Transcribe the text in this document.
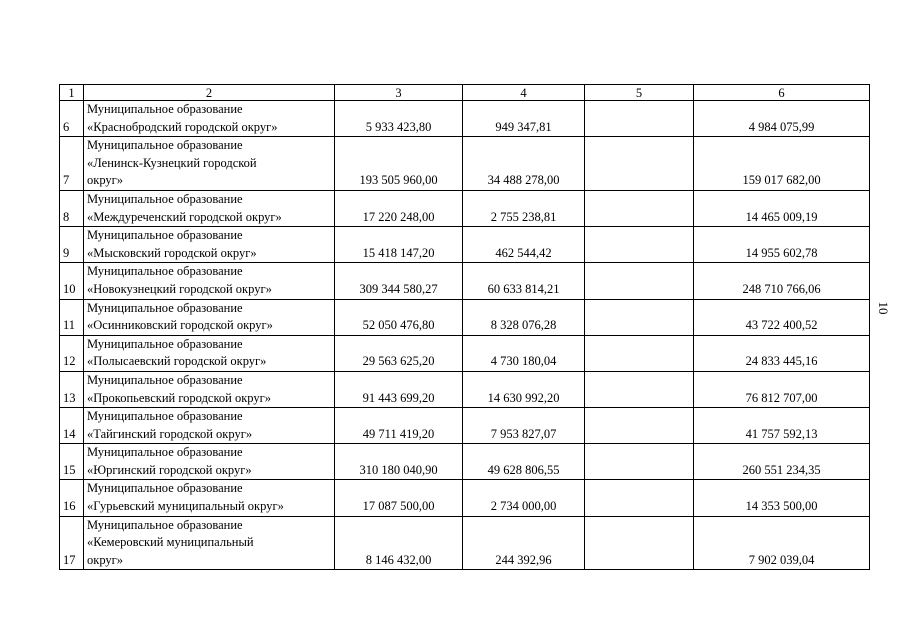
1	2	3	4	5	6
6	Муниципальное образование
«Краснобродский городской округ»	5 933 423,80	949 347,81		4 984 075,99
7	Муниципальное образование
«Ленинск-Кузнецкий городской
округ»	193 505 960,00	34 488 278,00		159 017 682,00
8	Муниципальное образование
«Междуреченский городской округ»	17 220 248,00	2 755 238,81		14 465 009,19
9	Муниципальное образование
«Мысковский городской округ»	15 418 147,20	462 544,42		14 955 602,78
10	Муниципальное образование
«Новокузнецкий городской округ»	309 344 580,27	60 633 814,21		248 710 766,06
11	Муниципальное образование
«Осинниковский городской округ»	52 050 476,80	8 328 076,28		43 722 400,52
12	Муниципальное образование
«Полысаевский городской округ»	29 563 625,20	4 730 180,04		24 833 445,16
13	Муниципальное образование
«Прокопьевский городской округ»	91 443 699,20	14 630 992,20		76 812 707,00
14	Муниципальное образование
«Тайгинский городской округ»	49 711 419,20	7 953 827,07		41 757 592,13
15	Муниципальное образование
«Юргинский городской округ»	310 180 040,90	49 628 806,55		260 551 234,35
16	Муниципальное образование
«Гурьевский муниципальный округ»	17 087 500,00	2 734 000,00		14 353 500,00
17	Муниципальное образование
«Кемеровский муниципальный
округ»	8 146 432,00	244 392,96		7 902 039,04
10
